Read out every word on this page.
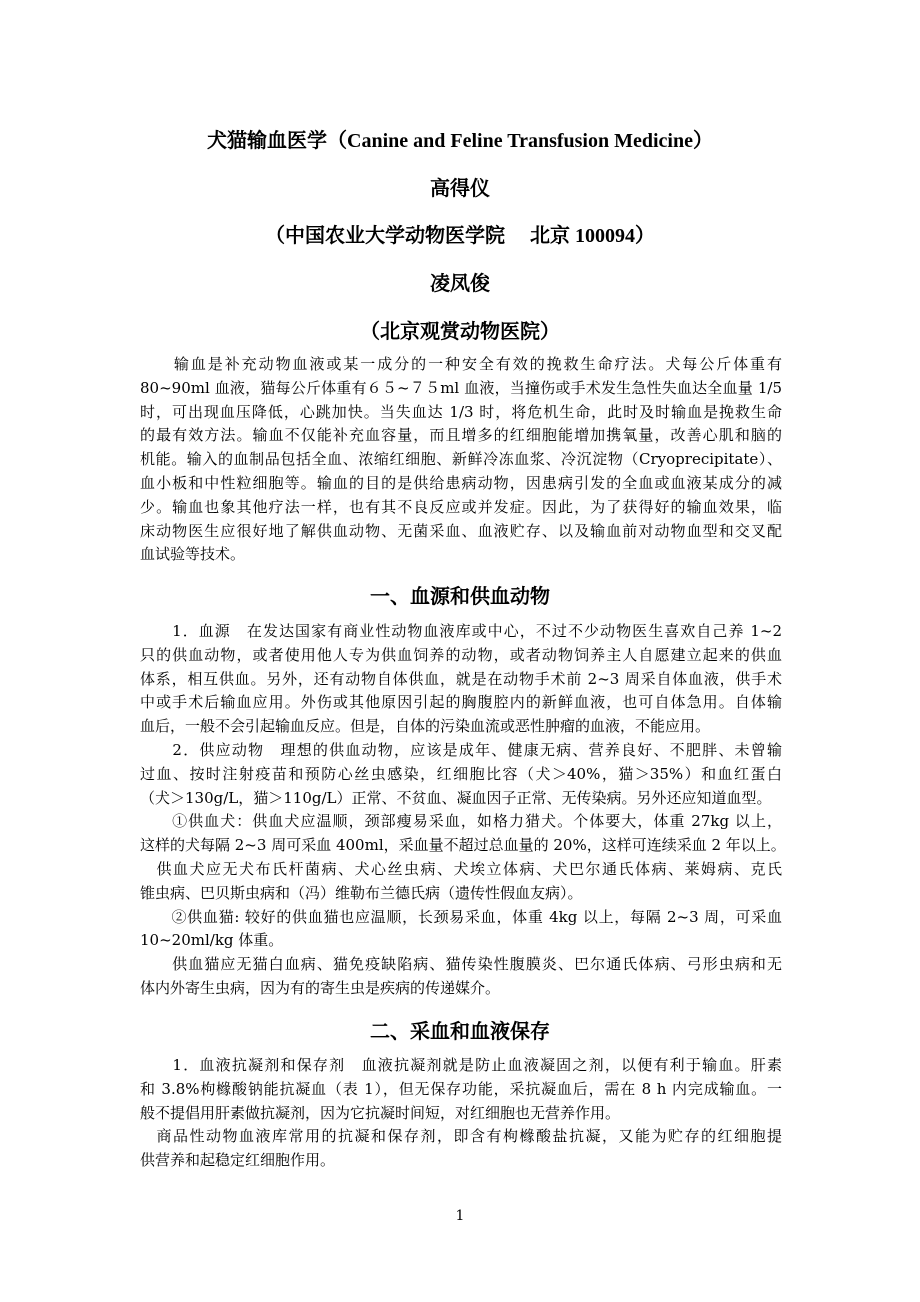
犬猫输血医学（Canine and Feline Transfusion Medicine）
高得仪
（中国农业大学动物医学院　 北京 100094）
凌凤俊
（北京观赏动物医院）
　　输血是补充动物血液或某一成分的一种安全有效的挽救生命疗法。犬每公斤体重有
80~90ml 血液，猫每公斤体重有６５~７５ml 血液，当撞伤或手术发生急性失血达全血量 1/5
时，可出现血压降低，心跳加快。当失血达 1/3 时，将危机生命，此时及时输血是挽救生命
的最有效方法。输血不仅能补充血容量，而且增多的红细胞能增加携氧量，改善心肌和脑的
机能。输入的血制品包括全血、浓缩红细胞、新鲜冷冻血浆、冷沉淀物（Cryoprecipitate）、
血小板和中性粒细胞等。输血的目的是供给患病动物，因患病引发的全血或血液某成分的减
少。输血也象其他疗法一样，也有其不良反应或并发症。因此，为了获得好的输血效果，临
床动物医生应很好地了解供血动物、无菌采血、血液贮存、以及输血前对动物血型和交叉配
血试验等技术。
一、血源和供血动物
　　1．血源　在发达国家有商业性动物血液库或中心，不过不少动物医生喜欢自己养 1~2
只的供血动物，或者使用他人专为供血饲养的动物，或者动物饲养主人自愿建立起来的供血
体系，相互供血。另外，还有动物自体供血，就是在动物手术前 2~3 周采自体血液，供手术
中或手术后输血应用。外伤或其他原因引起的胸腹腔内的新鲜血液，也可自体急用。自体输
血后，一般不会引起输血反应。但是，自体的污染血流或恶性肿瘤的血液，不能应用。
　　2．供应动物　理想的供血动物，应该是成年、健康无病、营养良好、不肥胖、未曾输
过血、按时注射疫苗和预防心丝虫感染，红细胞比容（犬＞40%，猫＞35%）和血红蛋白
（犬＞130g/L，猫＞110g/L）正常、不贫血、凝血因子正常、无传染病。另外还应知道血型。
　　①供血犬：供血犬应温顺，颈部瘦易采血，如格力猎犬。个体要大，体重 27kg 以上，
这样的犬每隔 2~3 周可采血 400ml，采血量不超过总血量的 20%，这样可连续采血 2 年以上。
　供血犬应无犬布氏杆菌病、犬心丝虫病、犬埃立体病、犬巴尔通氏体病、莱姆病、克氏
锥虫病、巴贝斯虫病和（冯）维勒布兰德氏病（遗传性假血友病）。
　　②供血猫: 较好的供血猫也应温顺，长颈易采血，体重 4kg 以上，每隔 2~3 周，可采血
10~20ml/kg 体重。
　　供血猫应无猫白血病、猫免疫缺陷病、猫传染性腹膜炎、巴尔通氏体病、弓形虫病和无
体内外寄生虫病，因为有的寄生虫是疾病的传递媒介。
二、采血和血液保存
　　1．血液抗凝剂和保存剂　血液抗凝剂就是防止血液凝固之剂，以便有利于输血。肝素
和 3.8%枸橼酸钠能抗凝血（表 1），但无保存功能，采抗凝血后，需在 8 h 内完成输血。一
般不提倡用肝素做抗凝剂，因为它抗凝时间短，对红细胞也无营养作用。
　商品性动物血液库常用的抗凝和保存剂，即含有枸橼酸盐抗凝，又能为贮存的红细胞提
供营养和起稳定红细胞作用。
1
